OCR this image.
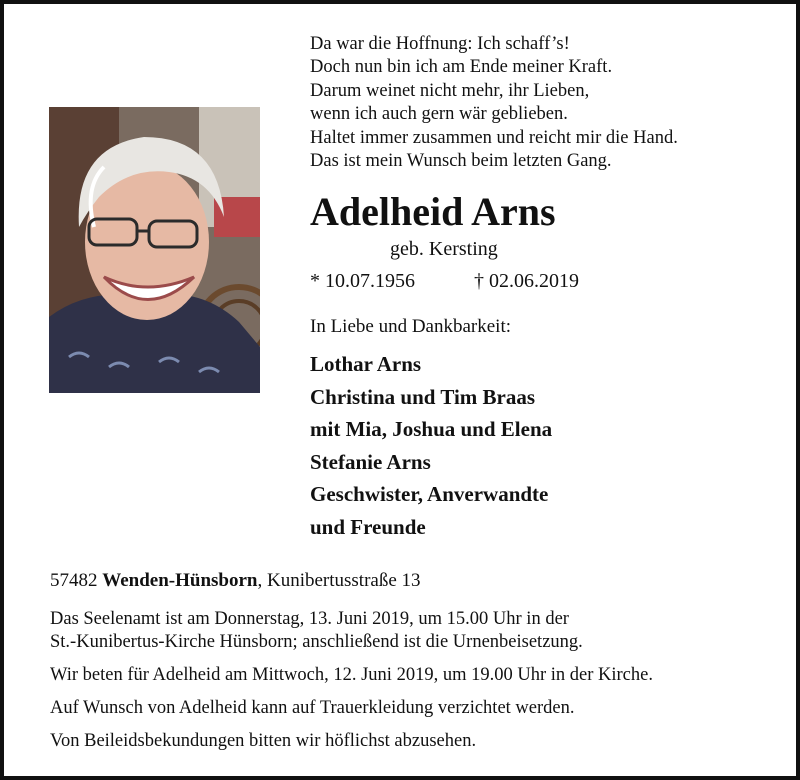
Da war die Hoffnung: Ich schaff’s!
Doch nun bin ich am Ende meiner Kraft.
Darum weinet nicht mehr, ihr Lieben,
wenn ich auch gern wär geblieben.
Haltet immer zusammen und reicht mir die Hand.
Das ist mein Wunsch beim letzten Gang.
Adelheid Arns
geb. Kersting
* 10.07.1956	† 02.06.2019
In Liebe und Dankbarkeit:
Lothar Arns
Christina und Tim Braas
mit Mia, Joshua und Elena
Stefanie Arns
Geschwister, Anverwandte
und Freunde
57482 Wenden-Hünsborn, Kunibertusstraße 13
Das Seelenamt ist am Donnerstag, 13. Juni 2019, um 15.00 Uhr in der
St.-Kunibertus-Kirche Hünsborn; anschließend ist die Urnenbeisetzung.
Wir beten für Adelheid am Mittwoch, 12. Juni 2019, um 19.00 Uhr in der Kirche.
Auf Wunsch von Adelheid kann auf Trauerkleidung verzichtet werden.
Von Beileidsbekundungen bitten wir höflichst abzusehen.
